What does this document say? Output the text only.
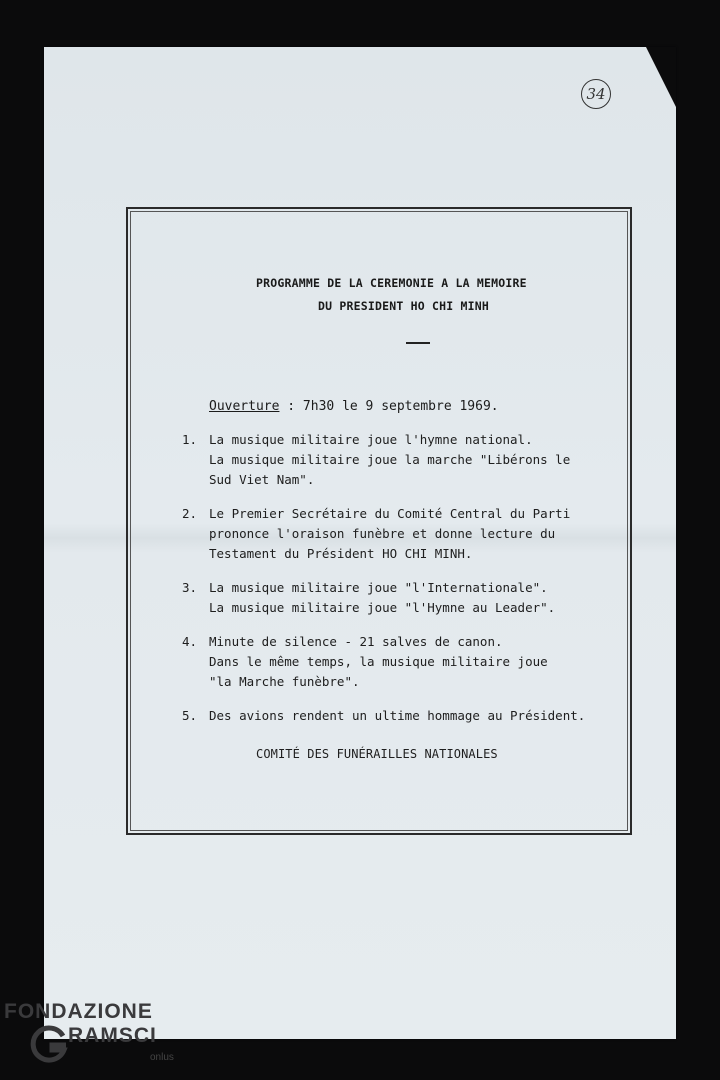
34
PROGRAMME DE LA CEREMONIE A LA MEMOIRE
DU PRESIDENT HO CHI MINH
Ouverture : 7h30 le 9 septembre 1969.
1. La musique militaire joue l'hymne national.
La musique militaire joue la marche "Libérons le
Sud Viet Nam".
2. Le Premier Secrétaire du Comité Central du Parti
prononce l'oraison funèbre et donne lecture du
Testament du Président HO CHI MINH.
3. La musique militaire joue "l'Internationale".
La musique militaire joue "l'Hymne au Leader".
4. Minute de silence - 21 salves de canon.
Dans le même temps, la musique militaire joue
"la Marche funèbre".
5. Des avions rendent un ultime hommage au Président.
COMITÉ DES FUNÉRAILLES NATIONALES
FONDAZIONE
RAMSCI
onlus
